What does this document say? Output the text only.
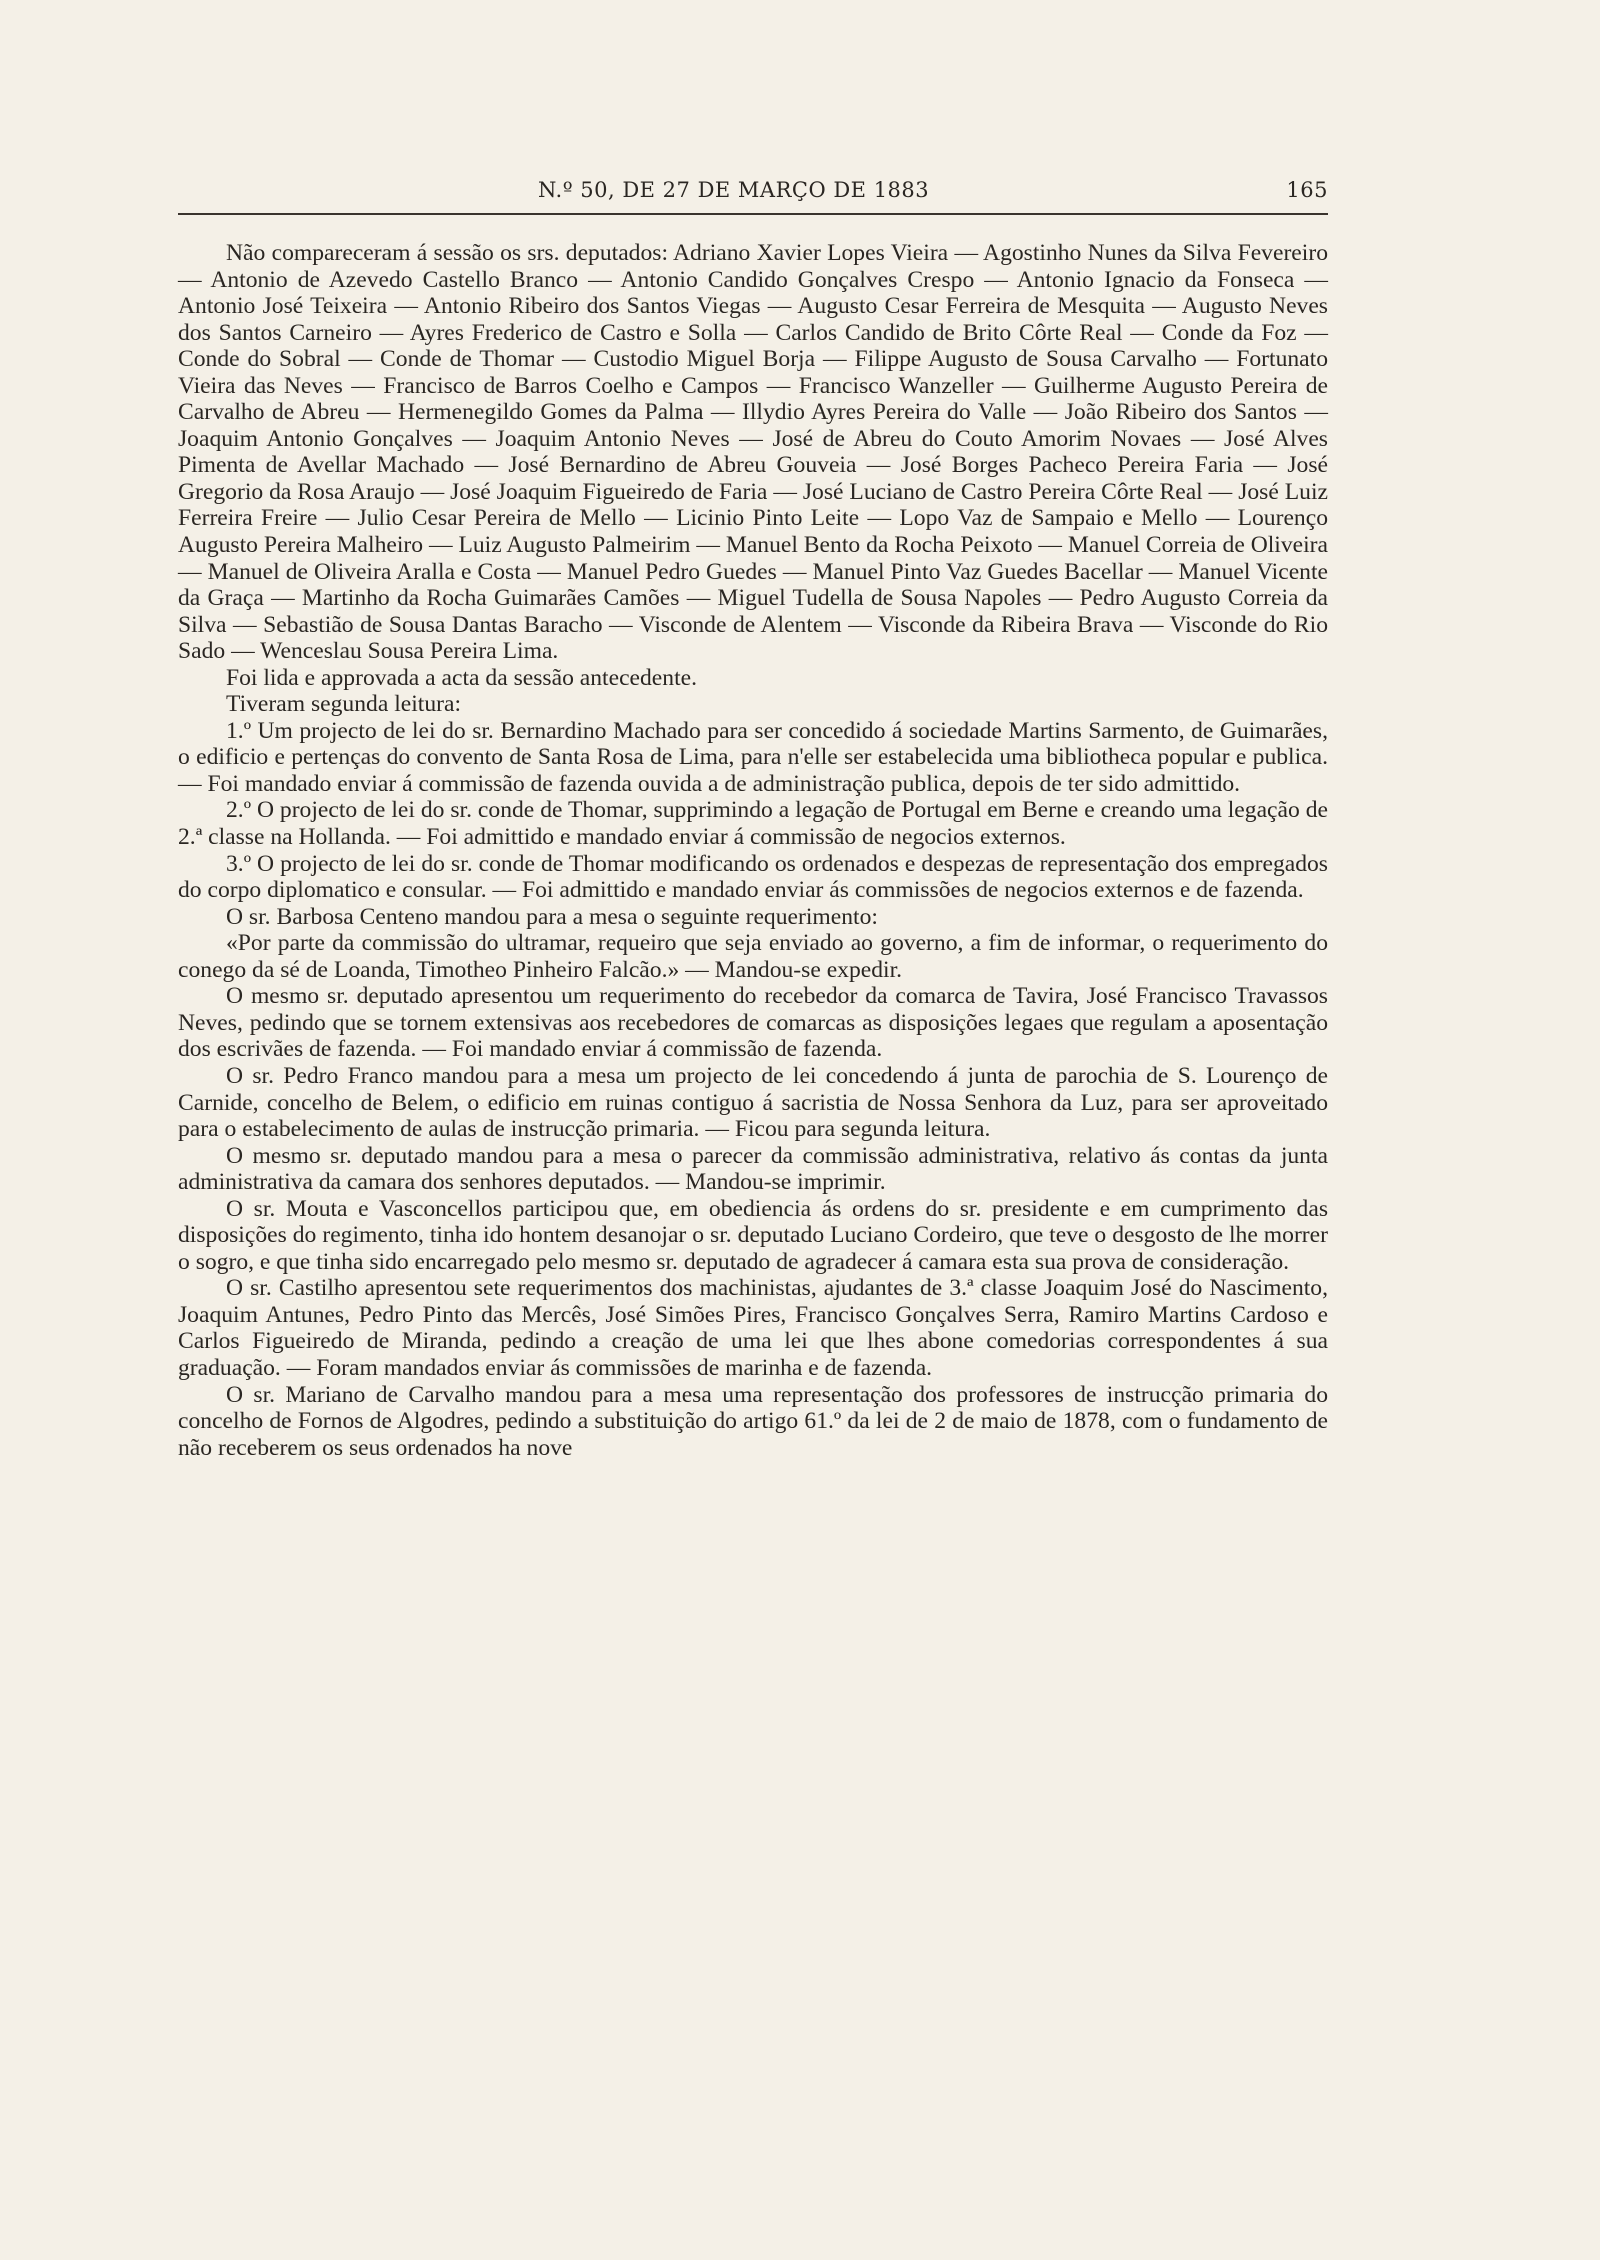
N.º 50, DE 27 DE MARÇO DE 1883	165

Não compareceram á sessão os srs. deputados: Adriano Xavier Lopes Vieira — Agostinho Nunes da Silva Fevereiro — Antonio de Azevedo Castello Branco — Antonio Candido Gonçalves Crespo — Antonio Ignacio da Fonseca — Antonio José Teixeira — Antonio Ribeiro dos Santos Viegas — Augusto Cesar Ferreira de Mesquita — Augusto Neves dos Santos Carneiro — Ayres Frederico de Castro e Solla — Carlos Candido de Brito Côrte Real — Conde da Foz — Conde do Sobral — Conde de Thomar — Custodio Miguel Borja — Filippe Augusto de Sousa Carvalho — Fortunato Vieira das Neves — Francisco de Barros Coelho e Campos — Francisco Wanzeller — Guilherme Augusto Pereira de Carvalho de Abreu — Hermenegildo Gomes da Palma — Illydio Ayres Pereira do Valle — João Ribeiro dos Santos — Joaquim Antonio Gonçalves — Joaquim Antonio Neves — José de Abreu do Couto Amorim Novaes — José Alves Pimenta de Avellar Machado — José Bernardino de Abreu Gouveia — José Borges Pacheco Pereira Faria — José Gregorio da Rosa Araujo — José Joaquim Figueiredo de Faria — José Luciano de Castro Pereira Côrte Real — José Luiz Ferreira Freire — Julio Cesar Pereira de Mello — Licinio Pinto Leite — Lopo Vaz de Sampaio e Mello — Lourenço Augusto Pereira Malheiro — Luiz Augusto Palmeirim — Manuel Bento da Rocha Peixoto — Manuel Correia de Oliveira — Manuel de Oliveira Aralla e Costa — Manuel Pedro Guedes — Manuel Pinto Vaz Guedes Bacellar — Manuel Vicente da Graça — Martinho da Rocha Guimarães Camões — Miguel Tudella de Sousa Napoles — Pedro Augusto Correia da Silva — Sebastião de Sousa Dantas Baracho — Visconde de Alentem — Visconde da Ribeira Brava — Visconde do Rio Sado — Wenceslau Sousa Pereira Lima.

Foi lida e approvada a acta da sessão antecedente.

Tiveram segunda leitura:

1.º Um projecto de lei do sr. Bernardino Machado para ser concedido á sociedade Martins Sarmento, de Guimarães, o edificio e pertenças do convento de Santa Rosa de Lima, para n'elle ser estabelecida uma bibliotheca popular e publica. — Foi mandado enviar á commissão de fazenda ouvida a de administração publica, depois de ter sido admittido.

2.º O projecto de lei do sr. conde de Thomar, supprimindo a legação de Portugal em Berne e creando uma legação de 2.ª classe na Hollanda. — Foi admittido e mandado enviar á commissão de negocios externos.

3.º O projecto de lei do sr. conde de Thomar modificando os ordenados e despezas de representação dos empregados do corpo diplomatico e consular. — Foi admittido e mandado enviar ás commissões de negocios externos e de fazenda.

O sr. Barbosa Centeno mandou para a mesa o seguinte requerimento:

«Por parte da commissão do ultramar, requeiro que seja enviado ao governo, a fim de informar, o requerimento do conego da sé de Loanda, Timotheo Pinheiro Falcão.» — Mandou-se expedir.

O mesmo sr. deputado apresentou um requerimento do recebedor da comarca de Tavira, José Francisco Travassos Neves, pedindo que se tornem extensivas aos recebedores de comarcas as disposições legaes que regulam a aposentação dos escrivães de fazenda. — Foi mandado enviar á commissão de fazenda.

O sr. Pedro Franco mandou para a mesa um projecto de lei concedendo á junta de parochia de S. Lourenço de Carnide, concelho de Belem, o edificio em ruinas contiguo á sacristia de Nossa Senhora da Luz, para ser aproveitado para o estabelecimento de aulas de instrucção primaria. — Ficou para segunda leitura.

O mesmo sr. deputado mandou para a mesa o parecer da commissão administrativa, relativo ás contas da junta administrativa da camara dos senhores deputados. — Mandou-se imprimir.

O sr. Mouta e Vasconcellos participou que, em obediencia ás ordens do sr. presidente e em cumprimento das disposições do regimento, tinha ido hontem desanojar o sr. deputado Luciano Cordeiro, que teve o desgosto de lhe morrer o sogro, e que tinha sido encarregado pelo mesmo sr. deputado de agradecer á camara esta sua prova de consideração.

O sr. Castilho apresentou sete requerimentos dos machinistas, ajudantes de 3.ª classe Joaquim José do Nascimento, Joaquim Antunes, Pedro Pinto das Mercês, José Simões Pires, Francisco Gonçalves Serra, Ramiro Martins Cardoso e Carlos Figueiredo de Miranda, pedindo a creação de uma lei que lhes abone comedorias correspondentes á sua graduação. — Foram mandados enviar ás commissões de marinha e de fazenda.

O sr. Mariano de Carvalho mandou para a mesa uma representação dos professores de instrucção primaria do concelho de Fornos de Algodres, pedindo a substituição do artigo 61.º da lei de 2 de maio de 1878, com o fundamento de não receberem os seus ordenados ha nove
